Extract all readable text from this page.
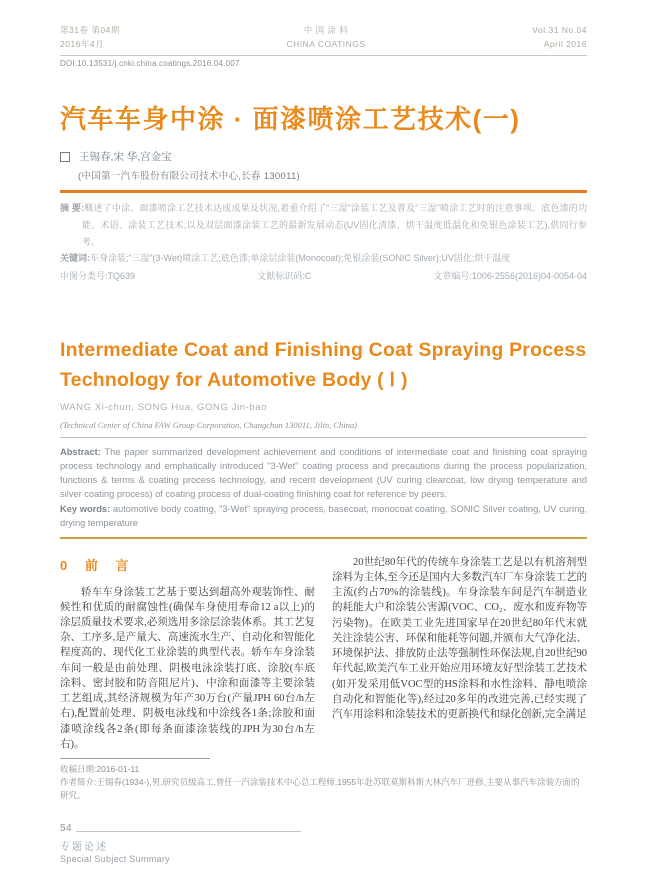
第31卷 第04期
2016年4月
中 国 涂 料
CHINA COATINGS
Vol.31 No.04
April 2016
DOI:10.13531/j.cnki.china.coatings.2016.04.007
汽车车身中涂 · 面漆喷涂工艺技术(一)
王锡春,宋 华,宫金宝
(中国第一汽车股份有限公司技术中心,长春 130011)

摘 要:概述了中涂、面漆喷涂工艺技术达成成果及状况,着重介绍了“三湿”涂装工艺及普及“三湿”喷涂工艺时的注意事项、底色漆的功能、术语、涂装工艺技术,以及双层面漆涂装工艺的最新发展动态(UV固化清漆、烘干温度低温化和免银色涂装工艺),供同行参考。

关键词:车身涂装;“三湿”(3-Wet)喷涂工艺;底色漆;单涂层涂装(Monocoat);免银涂装(SONIC Silver);UV固化;烘干温度

中图分类号:TQ639	文献标识码:C	文章编号:1006-2556(2016)04-0054-04
Intermediate Coat and Finishing Coat Spraying Process
Technology for Automotive Body ( Ⅰ )
WANG Xi-chun, SONG Hua, GONG Jin-bao
(Technical Center of China FAW Group Corporation, Changchun 130011, Jilin, China)

Abstract: The paper summarized development achievement and conditions of intermediate coat and finishing coat spraying process technology and emphatically introduced "3-Wet" coating process and precautions during the process popularization, functions & terms & coating process technology, and recent development (UV curing clearcoat, low drying temperature and silver coating process) of coating process of dual-coating finishing coat for reference by peers.

Key words: automotive body coating, "3-Wet" spraying process, basecoat, monocoat coating, SONIC Silver coating, UV curing, drying temperature

0 前 言
轿车车身涂装工艺基于要达到超高外观装饰性、耐候性和优质的耐腐蚀性(确保车身使用寿命12 a以上)的涂层质量技术要求,必须选用多涂层涂装体系。其工艺复杂、工序多,是产量大、高速流水生产、自动化和智能化程度高的、现代化工业涂装的典型代表。轿车车身涂装车间一般是由前处理、阴极电泳涂装打底、涂胶(车底涂料、密封胶和防音阻尼片)、中涂和面漆等主要涂装工艺组成,其经济规模为年产30万台(产量JPH 60台/h左右),配置前处理、阴极电泳线和中涂线各1条;涂胶和面漆喷涂线各2条(即每条面漆涂装线的JPH为30台/h左右)。
20世纪80年代的传统车身涂装工艺是以有机溶剂型涂料为主体,至今还是国内大多数汽车厂车身涂装工艺的主流(约占70%的涂装线)。车身涂装车间是汽车制造业的耗能大户和涂装公害源(VOC、CO₂、废水和废弃物等污染物)。在欧美工业先进国家早在20世纪80年代末就关注涂装公害、环保和能耗等问题,并颁布大气净化法、环境保护法、排放防止法等强制性环保法规,自20世纪90年代起,欧美汽车工业开始应用环境友好型涂装工艺技术(如开发采用低VOC型的HS涂料和水性涂料、静电喷涂自动化和智能化等),经过20多年的改进完善,已经实现了汽车用涂料和涂装技术的更新换代和绿化创新,完全满足
收稿日期:2016-01-11
作者简介:王锡春(1934-),男,研究员级高工,曾任一汽涂装技术中心总工程师,1955年赴苏联莫斯科斯大林汽车厂进修,主要从事汽车涂装方面的研究。
54
专题论述
Special Subject Summary
